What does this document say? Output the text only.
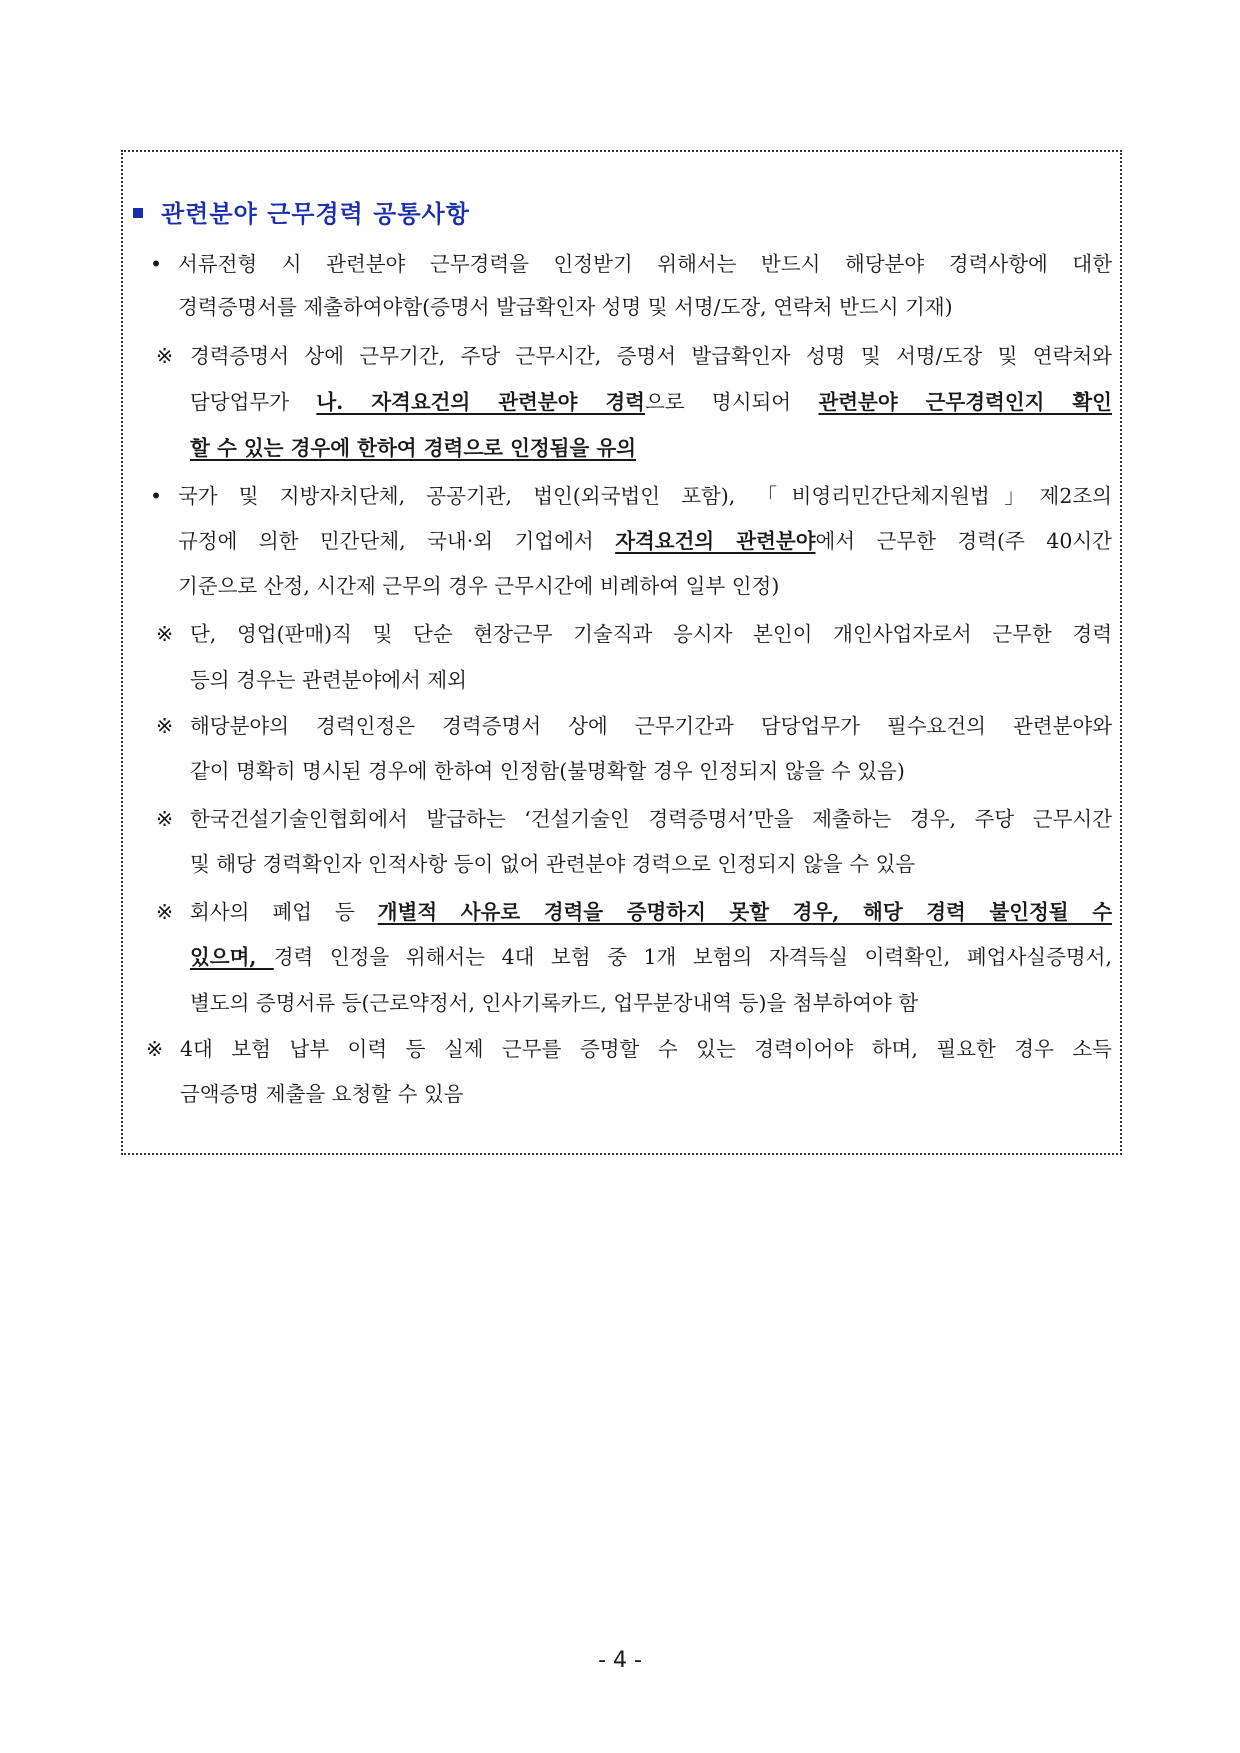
관련분야 근무경력 공통사항
• 서류전형 시 관련분야 근무경력을 인정받기 위해서는 반드시 해당분야 경력사항에 대한
경력증명서를 제출하여야함(증명서 발급확인자 성명 및 서명/도장, 연락처 반드시 기재)
※ 경력증명서 상에 근무기간, 주당 근무시간, 증명서 발급확인자 성명 및 서명/도장 및 연락처와
담당업무가 나. 자격요건의 관련분야 경력으로 명시되어 관련분야 근무경력인지 확인
할 수 있는 경우에 한하여 경력으로 인정됨을 유의
• 국가 및 지방자치단체, 공공기관, 법인(외국법인 포함), 「비영리민간단체지원법」제2조의
규정에 의한 민간단체, 국내·외 기업에서 자격요건의 관련분야에서 근무한 경력(주 40시간
기준으로 산정, 시간제 근무의 경우 근무시간에 비례하여 일부 인정)
※ 단, 영업(판매)직 및 단순 현장근무 기술직과 응시자 본인이 개인사업자로서 근무한 경력
등의 경우는 관련분야에서 제외
※ 해당분야의 경력인정은 경력증명서 상에 근무기간과 담당업무가 필수요건의 관련분야와
같이 명확히 명시된 경우에 한하여 인정함(불명확할 경우 인정되지 않을 수 있음)
※ 한국건설기술인협회에서 발급하는 ‘건설기술인 경력증명서’만을 제출하는 경우, 주당 근무시간
및 해당 경력확인자 인적사항 등이 없어 관련분야 경력으로 인정되지 않을 수 있음
※ 회사의 폐업 등 개별적 사유로 경력을 증명하지 못할 경우, 해당 경력 불인정될 수
있으며, 경력 인정을 위해서는 4대 보험 중 1개 보험의 자격득실 이력확인, 폐업사실증명서,
별도의 증명서류 등(근로약정서, 인사기록카드, 업무분장내역 등)을 첨부하여야 함
※ 4대 보험 납부 이력 등 실제 근무를 증명할 수 있는 경력이어야 하며, 필요한 경우 소득
금액증명 제출을 요청할 수 있음
- 4 -
